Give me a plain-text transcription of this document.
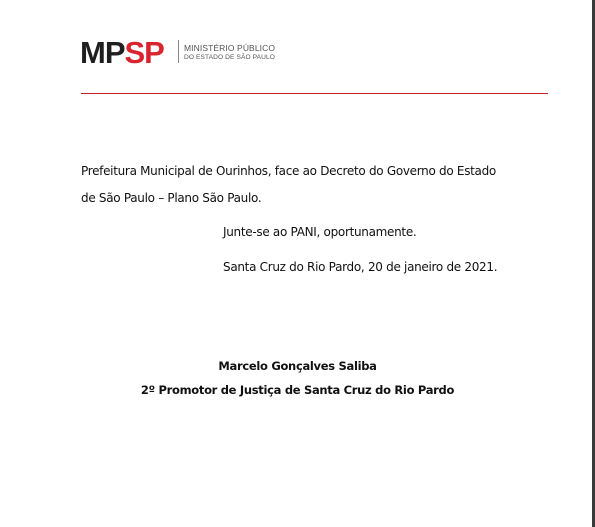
MPSP MINISTÉRIO PÚBLICO
DO ESTADO DE SÃO PAULO
Prefeitura Municipal de Ourinhos, face ao Decreto do Governo do Estado
de São Paulo – Plano São Paulo.
Junte-se ao PANI, oportunamente.
Santa Cruz do Rio Pardo, 20 de janeiro de 2021.
Marcelo Gonçalves Saliba
2º Promotor de Justiça de Santa Cruz do Rio Pardo
